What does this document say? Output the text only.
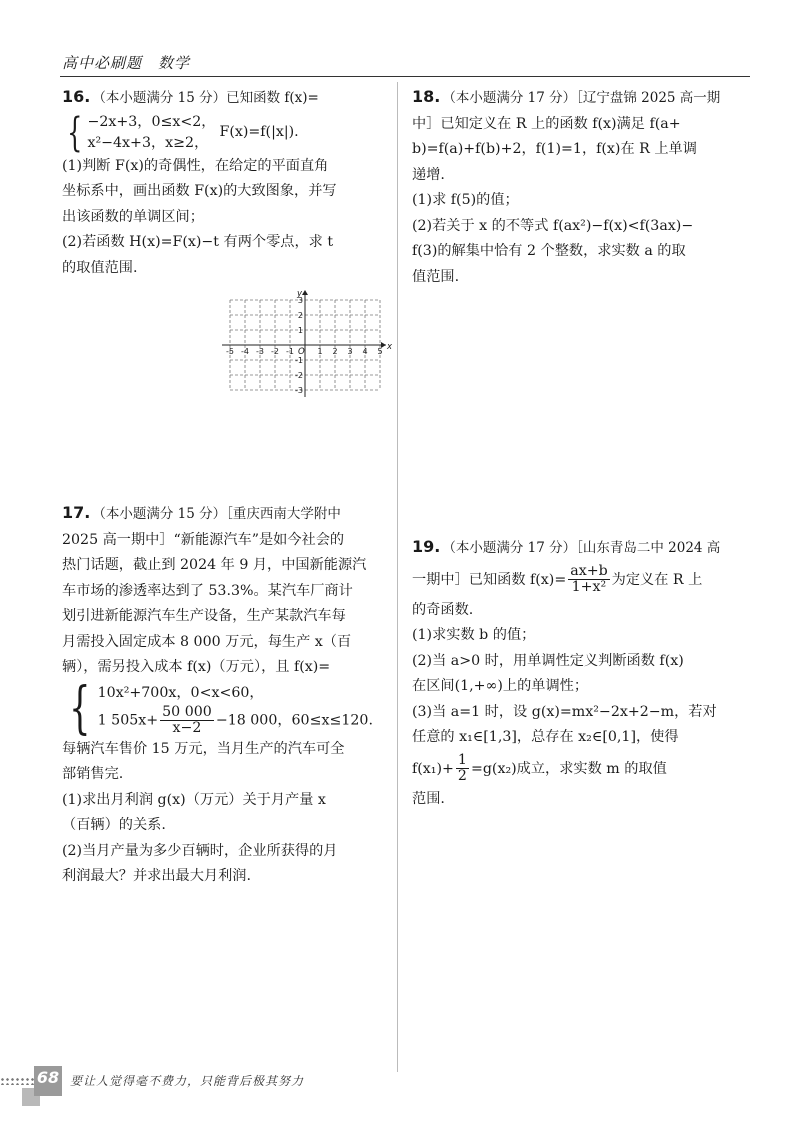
高中必刷题　数学
16. （本小题满分 15 分）已知函数 f(x)=
{ −2x+3，0≤x<2，
x²−4x+3，x≥2，
F(x)=f(|x|).
(1)判断 F(x)的奇偶性，在给定的平面直角
坐标系中，画出函数 F(x)的大致图象，并写
出该函数的单调区间；
(2)若函数 H(x)=F(x)−t 有两个零点，求 t
的取值范围.
x
y
O
-5 -4 -3 -2 -1	1 2 3 4 5
3
2
1
-1
-2
-3
17. （本小题满分 15 分）［重庆西南大学附中
2025 高一期中］“新能源汽车”是如今社会的
热门话题，截止到 2024 年 9 月，中国新能源汽
车市场的渗透率达到了 53.3%。某汽车厂商计
划引进新能源汽车生产设备，生产某款汽车每
月需投入固定成本 8 000 万元，每生产 x（百
辆），需另投入成本 f(x)（万元），且 f(x)=
{ 10x²+700x，0<x<60，
1 $505x+ \frac{50 000}{x-2} -18$ 000，60≤x≤120.
每辆汽车售价 15 万元，当月生产的汽车可全
部销售完.
(1)求出月利润 g(x)（万元）关于月产量 x
（百辆）的关系.
(2)当月产量为多少百辆时，企业所获得的月
利润最大？并求出最大月利润.
18. （本小题满分 17 分）［辽宁盘锦 2025 高一期
中］已知定义在 R 上的函数 f(x)满足 f(a+
b)=f(a)+f(b)+2，f(1)=1，f(x)在 R 上单调
递增.
(1)求 f(5)的值；
(2)若关于 x 的不等式 f(ax²)−f(x)<f(3ax)−
f(3)的解集中恰有 2 个整数，求实数 a 的取
值范围.
19. （本小题满分 17 分）［山东青岛二中 2024 高
一期中］已知函数 $f(x)= \frac{ax+b}{\text{1+x²}}$ 为定义在 R 上
的奇函数.
(1)求实数 b 的值；
(2)当 a>0 时，用单调性定义判断函数 f(x)
在区间(1,+∞)上的单调性；
(3)当 a=1 时，设 g(x)=mx²−2x+2−m，若对
任意的 x₁∈[1,3]，总存在 x₂∈[0,1]，使得
$f(x_1)+ \frac{1}{2} =g(x_2)$成立，求实数 m 的取值
范围.
68 要让人觉得毫不费力，只能背后极其努力
